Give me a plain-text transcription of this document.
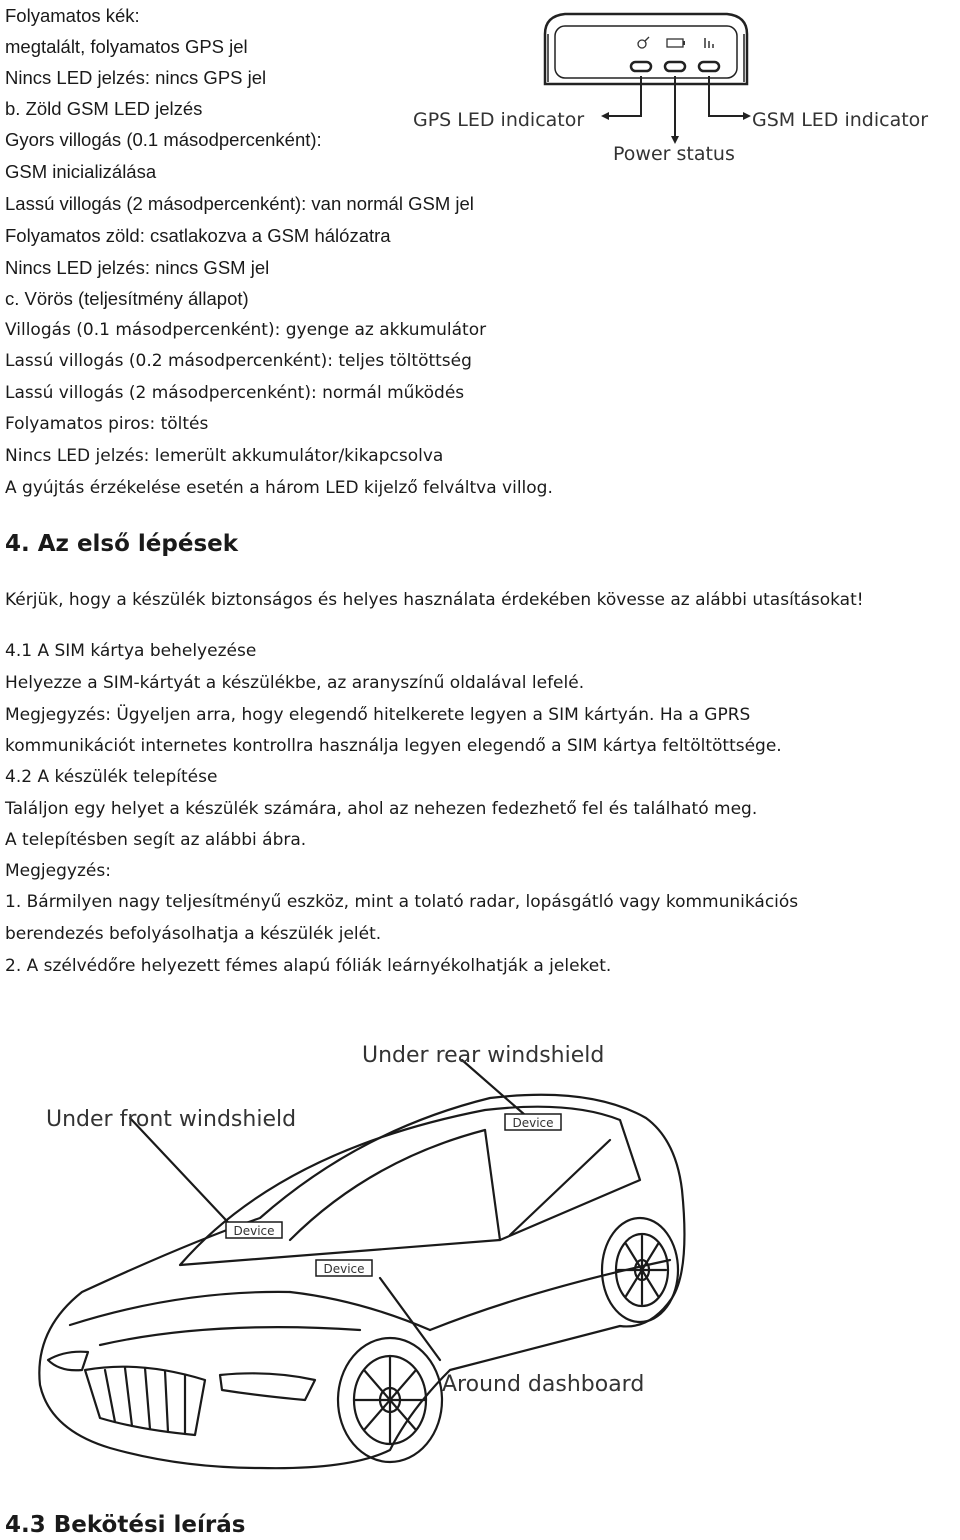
Folyamatos kék:
megtalált, folyamatos GPS jel
Nincs LED jelzés: nincs GPS jel
b. Zöld GSM LED jelzés
Gyors villogás (0.1 másodpercenként):
GSM inicializálása
Lassú villogás (2 másodpercenként): van normál GSM jel
Folyamatos zöld: csatlakozva a GSM hálózatra
Nincs LED jelzés: nincs GSM jel
c. Vörös (teljesítmény állapot)
Villogás (0.1 másodpercenként): gyenge az akkumulátor
Lassú villogás (0.2 másodpercenként): teljes töltöttség
Lassú villogás (2 másodpercenként): normál működés
Folyamatos piros: töltés
Nincs LED jelzés: lemerült akkumulátor/kikapcsolva
A gyújtás érzékelése esetén a három LED kijelző felváltva villog.
GPS LED indicator	GSM LED indicator
Power status
4. Az első lépések
Kérjük, hogy a készülék biztonságos és helyes használata érdekében kövesse az alábbi utasításokat!
4.1 A SIM kártya behelyezése
Helyezze a SIM-kártyát a készülékbe, az aranyszínű oldalával lefelé.
Megjegyzés: Ügyeljen arra, hogy elegendő hitelkerete legyen a SIM kártyán. Ha a GPRS
kommunikációt internetes kontrollra használja legyen elegendő a SIM kártya feltöltöttsége.
4.2 A készülék telepítése
Találjon egy helyet a készülék számára, ahol az nehezen fedezhető fel és található meg.
A telepítésben segít az alábbi ábra.
Megjegyzés:
1. Bármilyen nagy teljesítményű eszköz, mint a tolató radar, lopásgátló vagy kommunikációs
berendezés befolyásolhatja a készülék jelét.
2. A szélvédőre helyezett fémes alapú fóliák leárnyékolhatják a jeleket.
Device
Device
Device
Under rear windshield
Under front windshield
Around dashboard
4.3 Bekötési leírás
